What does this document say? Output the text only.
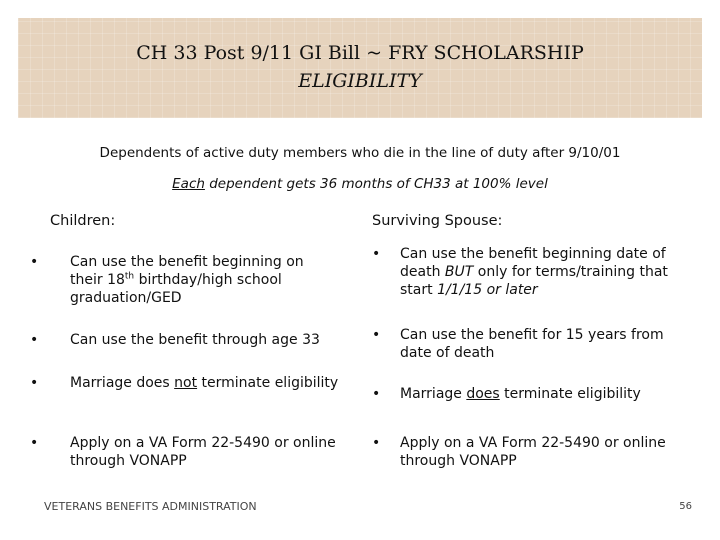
CH 33 Post 9/11 GI Bill ~ FRY SCHOLARSHIP
ELIGIBILITY
Dependents of active duty members who die in the line of duty after 9/10/01
Each dependent gets 36 months of CH33 at 100% level
Children:	Surviving Spouse:
• Can use the benefit beginning on their 18th birthday/high school graduation/GED
• Can use the benefit through age 33
• Marriage does not terminate eligibility
• Apply on a VA Form 22-5490 or online through VONAPP
• Can use the benefit beginning date of death BUT only for terms/training that start 1/1/15 or later
• Can use the benefit for 15 years from date of death
• Marriage does terminate eligibility
• Apply on a VA Form 22-5490 or online through VONAPP
VETERANS BENEFITS ADMINISTRATION	56
